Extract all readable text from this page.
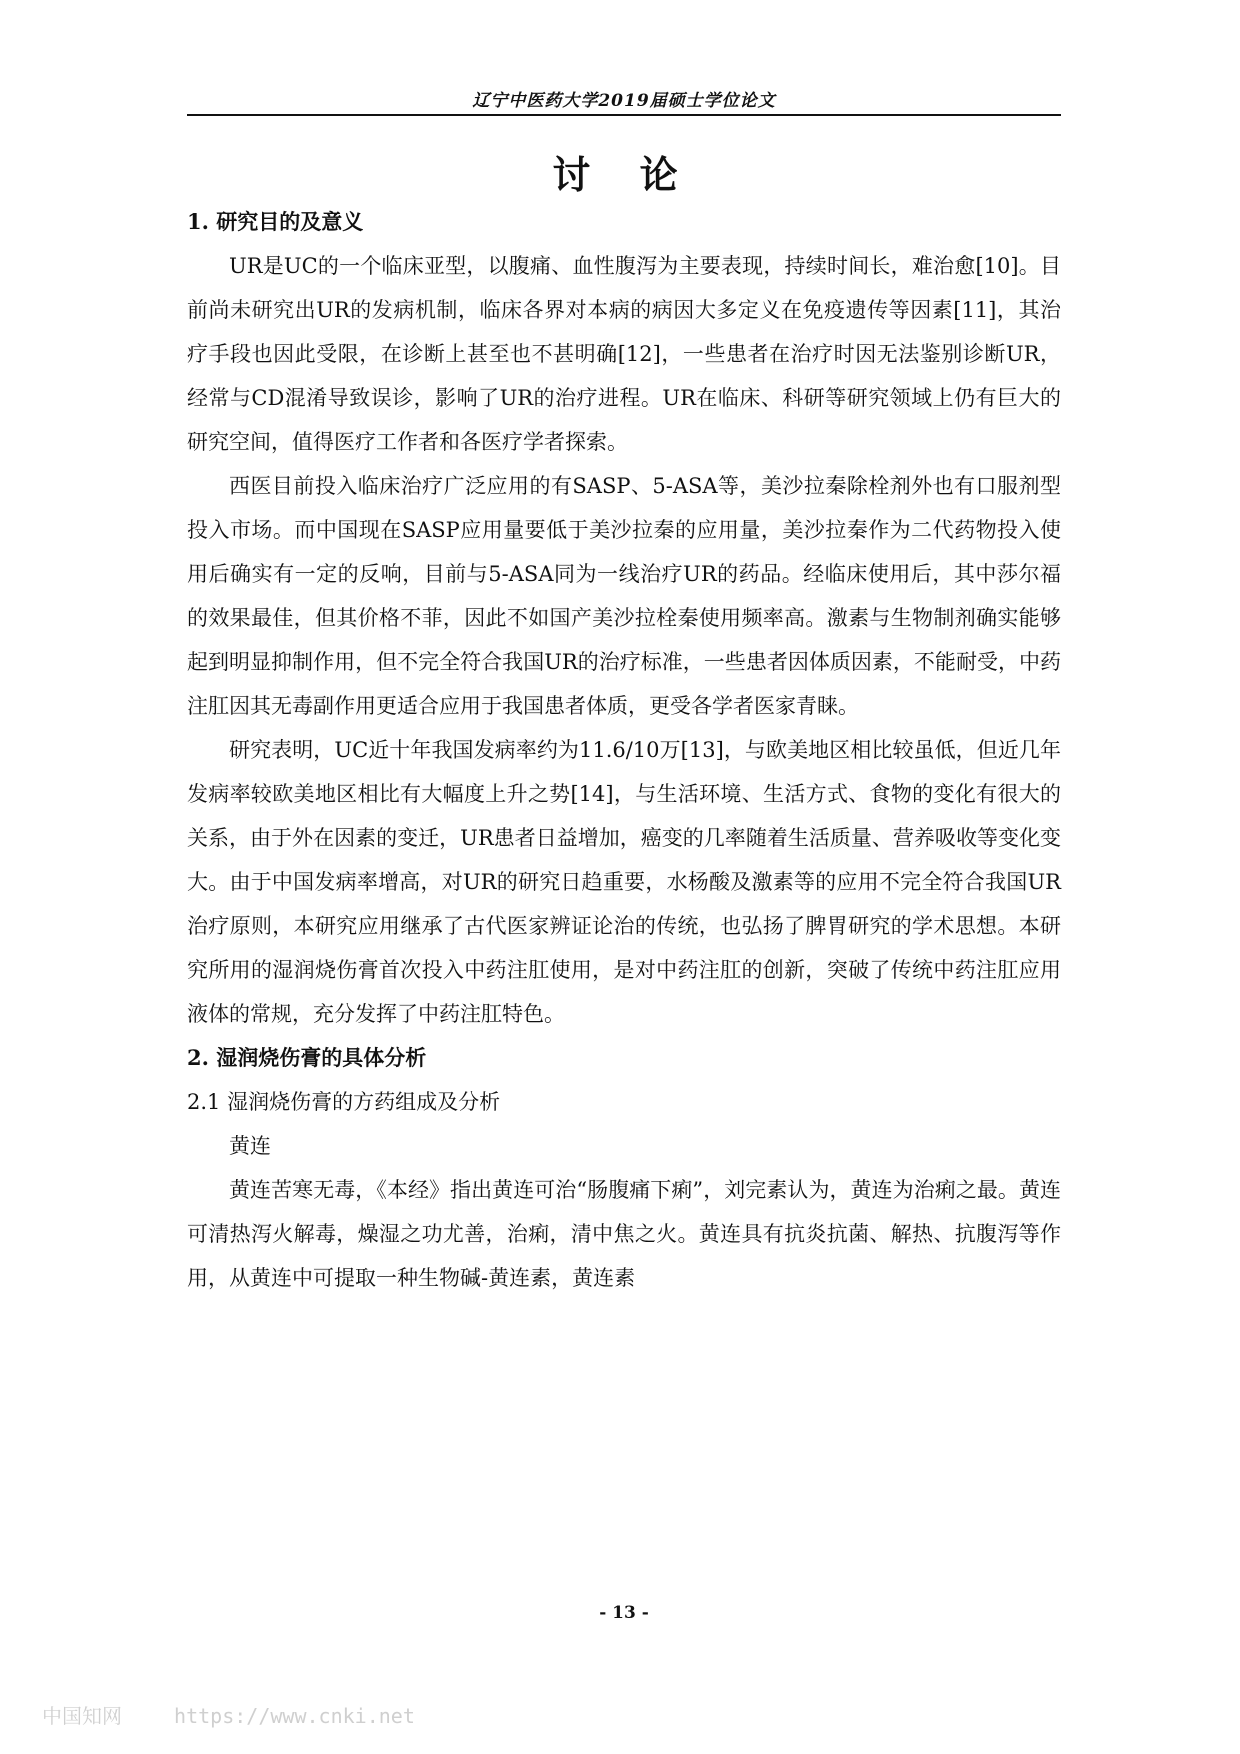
辽宁中医药大学2019届硕士学位论文
讨 论

1. 研究目的及意义

UR是UC的一个临床亚型，以腹痛、血性腹泻为主要表现，持续时间长，难治愈[10]。目前尚未研究出UR的发病机制，临床各界对本病的病因大多定义在免疫遗传等因素[11]，其治疗手段也因此受限，在诊断上甚至也不甚明确[12]，一些患者在治疗时因无法鉴别诊断UR，经常与CD混淆导致误诊，影响了UR的治疗进程。UR在临床、科研等研究领域上仍有巨大的研究空间，值得医疗工作者和各医疗学者探索。

西医目前投入临床治疗广泛应用的有SASP、5-ASA等，美沙拉秦除栓剂外也有口服剂型投入市场。而中国现在SASP应用量要低于美沙拉秦的应用量，美沙拉秦作为二代药物投入使用后确实有一定的反响，目前与5-ASA同为一线治疗UR的药品。经临床使用后，其中莎尔福的效果最佳，但其价格不菲，因此不如国产美沙拉栓秦使用频率高。激素与生物制剂确实能够起到明显抑制作用，但不完全符合我国UR的治疗标准，一些患者因体质因素，不能耐受，中药注肛因其无毒副作用更适合应用于我国患者体质，更受各学者医家青睐。

研究表明，UC近十年我国发病率约为11.6/10万[13]，与欧美地区相比较虽低，但近几年发病率较欧美地区相比有大幅度上升之势[14]，与生活环境、生活方式、食物的变化有很大的关系，由于外在因素的变迁，UR患者日益增加，癌变的几率随着生活质量、营养吸收等变化变大。由于中国发病率增高，对UR的研究日趋重要，水杨酸及激素等的应用不完全符合我国UR治疗原则，本研究应用继承了古代医家辨证论治的传统，也弘扬了脾胃研究的学术思想。本研究所用的湿润烧伤膏首次投入中药注肛使用，是对中药注肛的创新，突破了传统中药注肛应用液体的常规，充分发挥了中药注肛特色。

2. 湿润烧伤膏的具体分析

2.1 湿润烧伤膏的方药组成及分析

黄连

黄连苦寒无毒，《本经》指出黄连可治“肠腹痛下痢”，刘完素认为，黄连为治痢之最。黄连可清热泻火解毒，燥湿之功尤善，治痢，清中焦之火。黄连具有抗炎抗菌、解热、抗腹泻等作用，从黄连中可提取一种生物碱-黄连素，黄连素

- 13 -
中国知网	https://www.cnki.net
